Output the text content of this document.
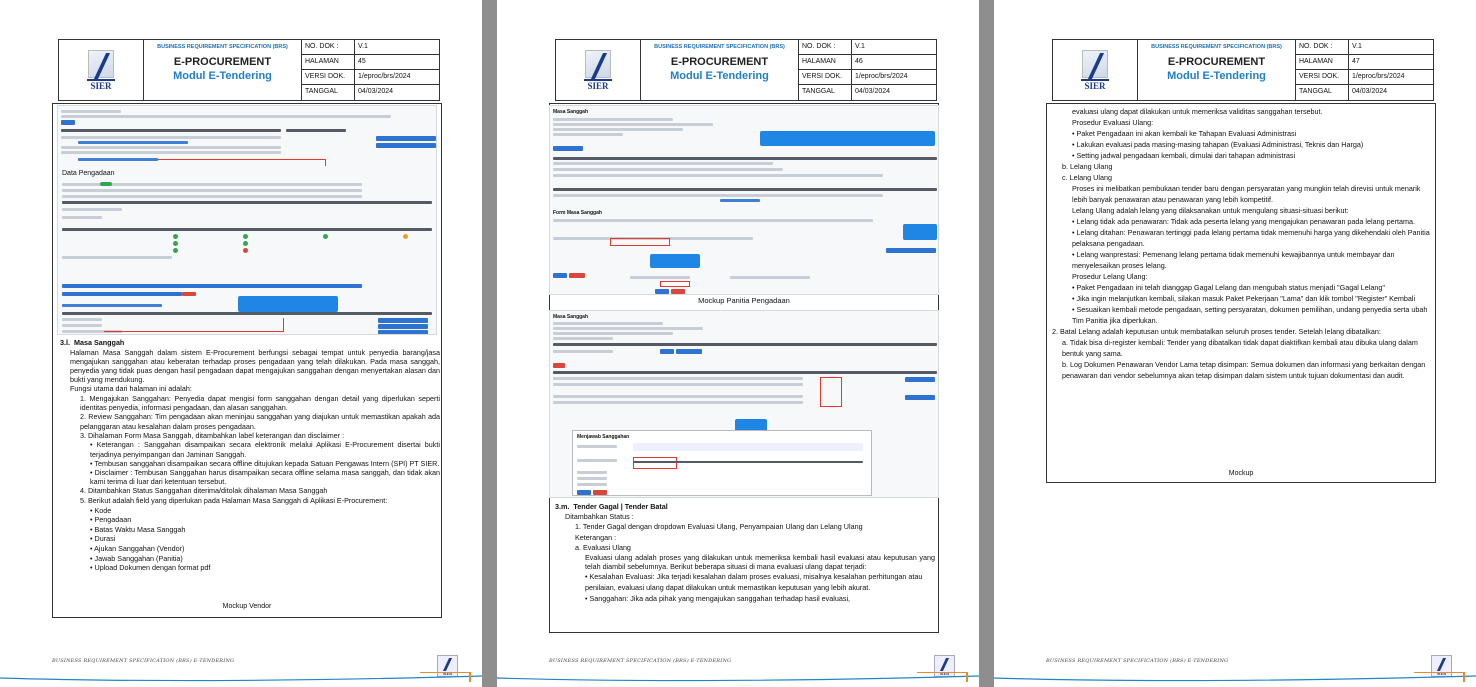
SIER
BUSINESS REQUIREMENT SPECIFICATION (BRS)
E-PROCUREMENT
Modul E-Tendering
NO. DOK :	V.1
HALAMAN	45
VERSI DOK.	1/eproc/brs/2024
TANGGAL	04/03/2024
Data Pengadaan

3.l. Masa Sanggah

Halaman Masa Sanggah dalam sistem E-Procurement berfungsi sebagai tempat untuk penyedia barang/jasa mengajukan sanggahan atau keberatan terhadap proses pengadaan yang telah dilakukan. Pada masa sanggah, penyedia yang tidak puas dengan hasil pengadaan dapat mengajukan sanggahan dengan menyertakan alasan dan bukti yang mendukung.

Fungsi utama dari halaman ini adalah:

1. Mengajukan Sanggahan: Penyedia dapat mengisi form sanggahan dengan detail yang diperlukan seperti identitas penyedia, informasi pengadaan, dan alasan sanggahan.

2. Review Sanggahan: Tim pengadaan akan meninjau sanggahan yang diajukan untuk memastikan apakah ada pelanggaran atau kesalahan dalam proses pengadaan.

3. Dihalaman Form Masa Sanggah, ditambahkan label keterangan dan disclaimer :

• Keterangan : Sanggahan disampaikan secara elektronik melalui Aplikasi E-Procurement disertai bukti terjadinya penyimpangan dan Jaminan Sanggah.

• Tembusan sanggahan disampaikan secara offline ditujukan kepada Satuan Pengawas Intern (SPI) PT SIER.

• Disclaimer : Tembusan Sanggahan harus disampaikan secara offline selama masa sanggah, dan tidak akan kami terima di luar dari ketentuan tersebut.

4. Ditambahkan Status Sanggahan diterima/ditolak dihalaman Masa Sanggah

5. Berikut adalah field yang diperlukan pada Halaman Masa Sanggah di Aplikasi E-Procurement:

• Kode

• Pengadaan

• Batas Waktu Masa Sanggah

• Durasi

• Ajukan Sanggahan (Vendor)

• Jawab Sanggahan (Panitia)

• Upload Dokumen dengan format pdf

Mockup Vendor
BUSINESS REQUIREMENT SPECIFICATION (BRS) E-TENDERING
SIER
SIER
BUSINESS REQUIREMENT SPECIFICATION (BRS)
E-PROCUREMENT
Modul E-Tendering
NO. DOK :	V.1
HALAMAN	46
VERSI DOK.	1/eproc/brs/2024
TANGGAL	04/03/2024
Masa Sanggah
Form Masa Sanggah
Mockup Panitia Pengadaan
Masa Sanggah
Menjawab Sanggahan

3.m. Tender Gagal | Tender Batal

Ditambahkan Status :

1. Tender Gagal dengan dropdown Evaluasi Ulang, Penyampaian Ulang dan Lelang Ulang

Keterangan :

a. Evaluasi Ulang

Evaluasi ulang adalah proses yang dilakukan untuk memeriksa kembali hasil evaluasi atau keputusan yang telah diambil sebelumnya. Berikut beberapa situasi di mana evaluasi ulang dapat terjadi:

• Kesalahan Evaluasi: Jika terjadi kesalahan dalam proses evaluasi, misalnya kesalahan perhitungan atau penilaian, evaluasi ulang dapat dilakukan untuk memastikan keputusan yang lebih akurat.

• Sanggahan: Jika ada pihak yang mengajukan sanggahan terhadap hasil evaluasi,

BUSINESS REQUIREMENT SPECIFICATION (BRS) E-TENDERING
SIER
SIER
BUSINESS REQUIREMENT SPECIFICATION (BRS)
E-PROCUREMENT
Modul E-Tendering
NO. DOK :	V.1
HALAMAN	47
VERSI DOK.	1/eproc/brs/2024
TANGGAL	04/03/2024

evaluasi ulang dapat dilakukan untuk memeriksa validitas sanggahan tersebut.

Prosedur Evaluasi Ulang:

• Paket Pengadaan ini akan kembali ke Tahapan Evaluasi Administrasi

• Lakukan evaluasi pada masing-masing tahapan (Evaluasi Administrasi, Teknis dan Harga)

• Setting jadwal pengadaan kembali, dimulai dari tahapan administrasi

b. Lelang Ulang

c. Lelang Ulang

Proses ini melibatkan pembukaan tender baru dengan persyaratan yang mungkin telah direvisi untuk menarik lebih banyak penawaran atau penawaran yang lebih kompetitif.

Lelang Ulang adalah lelang yang dilaksanakan untuk mengulang situasi-situasi berikut:

• Lelang tidak ada penawaran: Tidak ada peserta lelang yang mengajukan penawaran pada lelang pertama.

• Lelang ditahan: Penawaran tertinggi pada lelang pertama tidak memenuhi harga yang dikehendaki oleh Panitia pelaksana pengadaan.

• Lelang wanprestasi: Pemenang lelang pertama tidak memenuhi kewajibannya untuk membayar dan menyelesaikan proses lelang.

Prosedur Lelang Ulang:

• Paket Pengadaan ini telah dianggap Gagal Lelang dan mengubah status menjadi "Gagal Lelang"

• Jika ingin melanjutkan kembali, silakan masuk Paket Pekerjaan "Lama" dan klik tombol "Register" Kembali

• Sesuaikan kembali metode pengadaan, setting persyaratan, dokumen pemilihan, undang penyedia serta ubah Tim Panitia jika diperlukan.

2. Batal Lelang adalah keputusan untuk membatalkan seluruh proses tender. Setelah lelang dibatalkan:

a. Tidak bisa di-register kembali: Tender yang dibatalkan tidak dapat diaktifkan kembali atau dibuka ulang dalam bentuk yang sama.

b. Log Dokumen Penawaran Vendor Lama tetap disimpan: Semua dokumen dan informasi yang berkaitan dengan penawaran dari vendor sebelumnya akan tetap disimpan dalam sistem untuk tujuan dokumentasi dan audit.

Mockup
BUSINESS REQUIREMENT SPECIFICATION (BRS) E-TENDERING
SIER
